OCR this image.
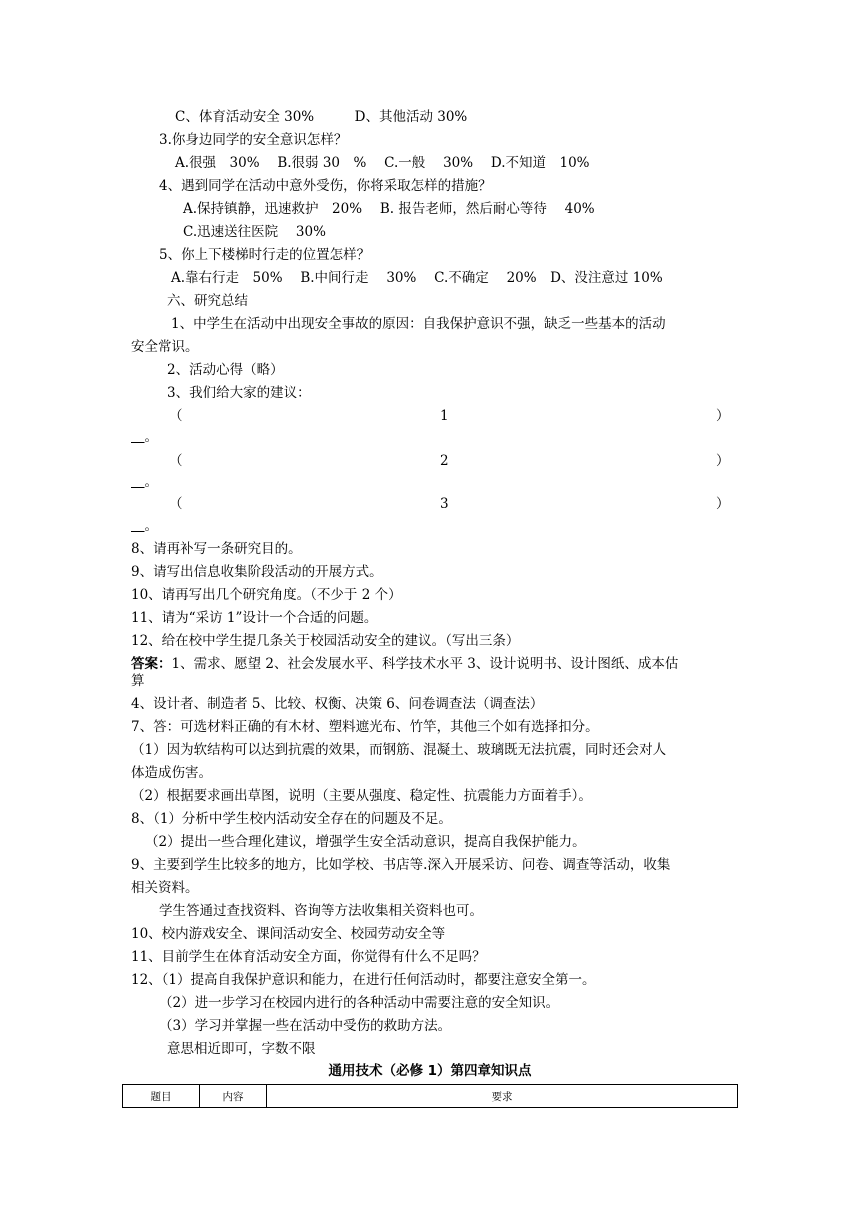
C、体育活动安全 30%　　　D、其他活动 30%
3.你身边同学的安全意识怎样？
A.很强　30%　 B.很弱 30　%　 C.一般　 30%　 D.不知道　10%
4、遇到同学在活动中意外受伤，你将采取怎样的措施？
A.保持镇静，迅速救护　20%　 B. 报告老师，然后耐心等待　 40%
C.迅速送往医院　 30%
5、你上下楼梯时行走的位置怎样？
A.靠右行走　50%　 B.中间行走　 30%　 C.不确定　 20%　D、没注意过 10%
六、研究总结
1、中学生在活动中出现安全事故的原因：自我保护意识不强，缺乏一些基本的活动
安全常识。
2、活动心得（略）
3、我们给大家的建议：
（	1	）
　。
（	2	）
　。
（	3	）
　。
8、请再补写一条研究目的。
9、请写出信息收集阶段活动的开展方式。
10、请再写出几个研究角度。（不少于 2 个）
11、请为“采访 1”设计一个合适的问题。
12、给在校中学生提几条关于校园活动安全的建议。（写出三条）
答案：1、需求、愿望 2、社会发展水平、科学技术水平 3、设计说明书、设计图纸、成本估
算
4、设计者、制造者 5、比较、权衡、决策 6、问卷调查法（调查法）
7、答：可选材料正确的有木材、塑料遮光布、竹竿，其他三个如有选择扣分。
（1）因为软结构可以达到抗震的效果，而钢筋、混凝土、玻璃既无法抗震，同时还会对人
体造成伤害。
（2）根据要求画出草图，说明（主要从强度、稳定性、抗震能力方面着手）。
8、（1）分析中学生校内活动安全存在的问题及不足。
（2）提出一些合理化建议，增强学生安全活动意识，提高自我保护能力。
9、主要到学生比较多的地方，比如学校、书店等.深入开展采访、问卷、调查等活动，收集
相关资料。
学生答通过查找资料、咨询等方法收集相关资料也可。
10、校内游戏安全、课间活动安全、校园劳动安全等
11、目前学生在体育活动安全方面，你觉得有什么不足吗？
12、（1）提高自我保护意识和能力，在进行任何活动时，都要注意安全第一。
（2）进一步学习在校园内进行的各种活动中需要注意的安全知识。
（3）学习并掌握一些在活动中受伤的救助方法。
意思相近即可，字数不限
通用技术（必修 1）第四章知识点
题目	内容	要求
